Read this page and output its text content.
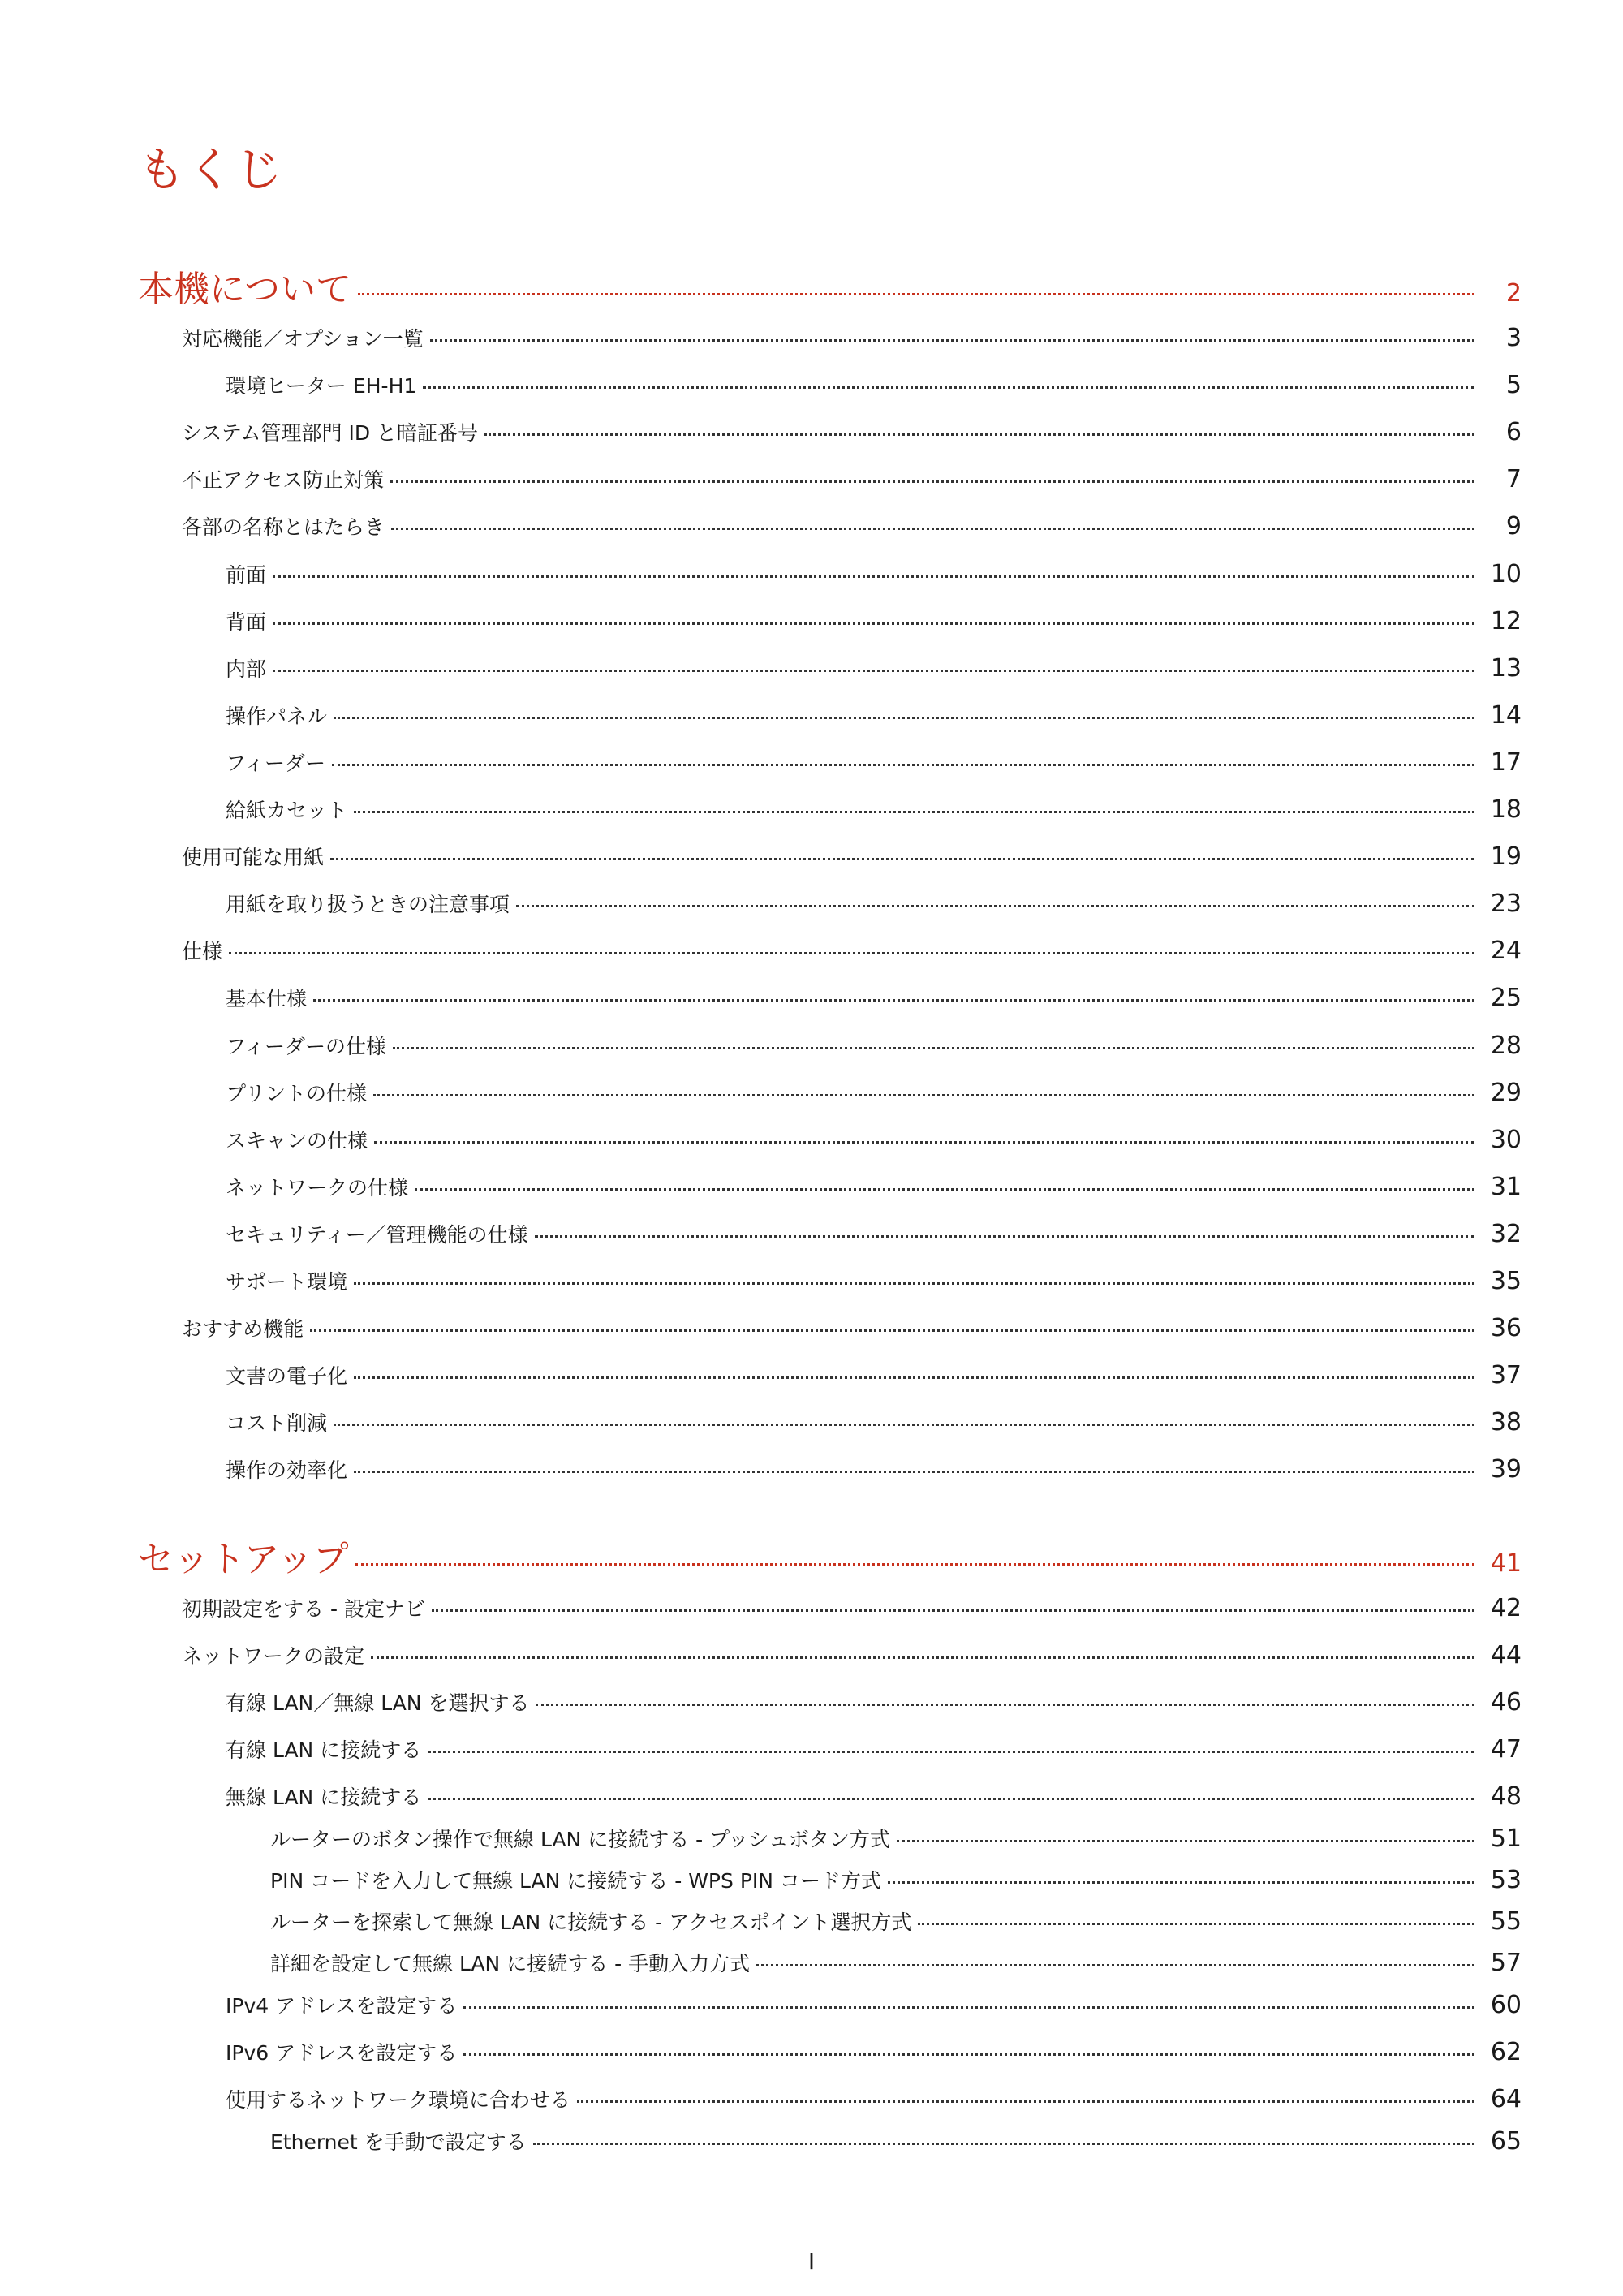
もくじ
本機について	2
対応機能／オプション一覧	3
環境ヒーター EH-H1	5
システム管理部門 ID と暗証番号	6
不正アクセス防止対策	7
各部の名称とはたらき	9
前面	10
背面	12
内部	13
操作パネル	14
フィーダー	17
給紙カセット	18
使用可能な用紙	19
用紙を取り扱うときの注意事項	23
仕様	24
基本仕様	25
フィーダーの仕様	28
プリントの仕様	29
スキャンの仕様	30
ネットワークの仕様	31
セキュリティー／管理機能の仕様	32
サポート環境	35
おすすめ機能	36
文書の電子化	37
コスト削減	38
操作の効率化	39
セットアップ	41
初期設定をする - 設定ナビ	42
ネットワークの設定	44
有線 LAN／無線 LAN を選択する	46
有線 LAN に接続する	47
無線 LAN に接続する	48
ルーターのボタン操作で無線 LAN に接続する - プッシュボタン方式	51
PIN コードを入力して無線 LAN に接続する - WPS PIN コード方式	53
ルーターを探索して無線 LAN に接続する - アクセスポイント選択方式	55
詳細を設定して無線 LAN に接続する - 手動入力方式	57
IPv4 アドレスを設定する	60
IPv6 アドレスを設定する	62
使用するネットワーク環境に合わせる	64
Ethernet を手動で設定する	65
I
